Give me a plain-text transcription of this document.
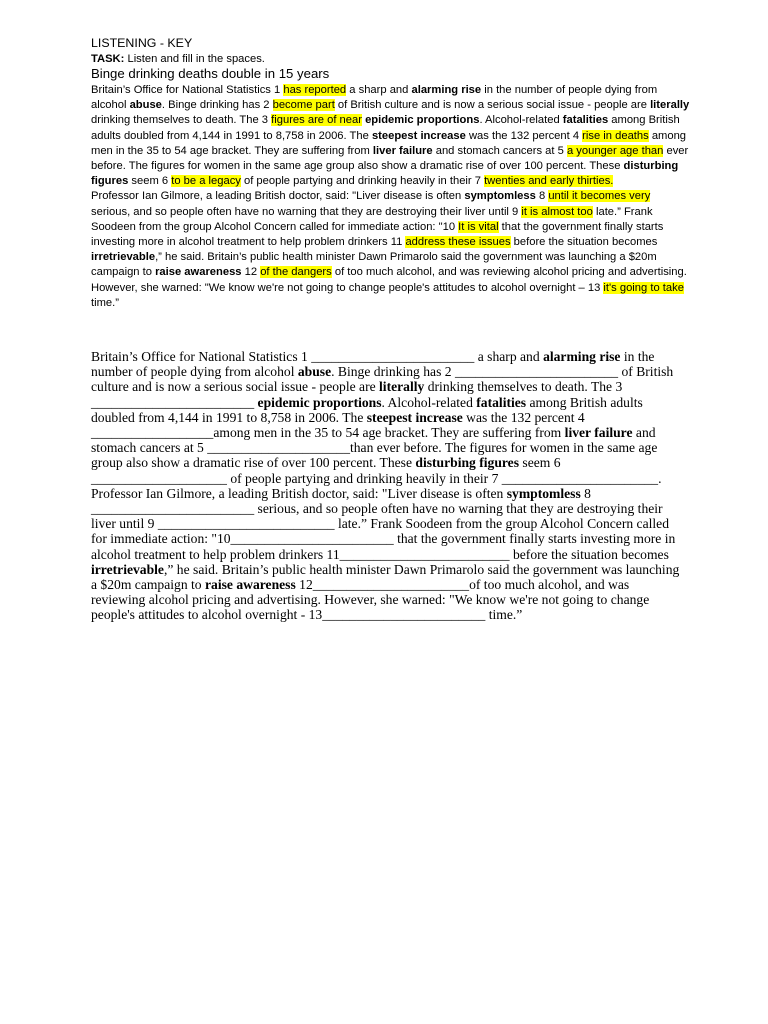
LISTENING - KEY
TASK: Listen and fill in the spaces.
Binge drinking deaths double in 15 years

Britain’s Office for National Statistics 1 has reported a sharp and alarming rise in the number of people dying from alcohol abuse. Binge drinking has 2 become part of British culture and is now a serious social issue - people are literally drinking themselves to death. The 3 figures are of near epidemic proportions. Alcohol-related fatalities among British adults doubled from 4,144 in 1991 to 8,758 in 2006. The steepest increase was the 132 percent 4 rise in deaths among men in the 35 to 54 age bracket. They are suffering from liver failure and stomach cancers at 5 a younger age than ever before. The figures for women in the same age group also show a dramatic rise of over 100 percent. These disturbing figures seem 6 to be a legacy of people partying and drinking heavily in their 7 twenties and early thirties.

Professor Ian Gilmore, a leading British doctor, said: "Liver disease is often symptomless 8 until it becomes very serious, and so people often have no warning that they are destroying their liver until 9 it is almost too late.” Frank Soodeen from the group Alcohol Concern called for immediate action: "10 It is vital that the government finally starts investing more in alcohol treatment to help problem drinkers 11 address these issues before the situation becomes irretrievable,” he said. Britain’s public health minister Dawn Primarolo said the government was launching a $20m campaign to raise awareness 12 of the dangers of too much alcohol, and was reviewing alcohol pricing and advertising. However, she warned: "We know we're not going to change people's attitudes to alcohol overnight – 13 it's going to take time.”

Britain’s Office for National Statistics 1 ________________________ a sharp and alarming rise in the number of people dying from alcohol abuse. Binge drinking has 2 ________________________ of British culture and is now a serious social issue - people are literally drinking themselves to death. The 3 ________________________ epidemic proportions. Alcohol-related fatalities among British adults doubled from 4,144 in 1991 to 8,758 in 2006. The steepest increase was the 132 percent 4 __________________among men in the 35 to 54 age bracket. They are suffering from liver failure and stomach cancers at 5 _____________________than ever before. The figures for women in the same age group also show a dramatic rise of over 100 percent. These disturbing figures seem 6 ____________________ of people partying and drinking heavily in their 7 _______________________.

Professor Ian Gilmore, a leading British doctor, said: "Liver disease is often symptomless 8 ________________________ serious, and so people often have no warning that they are destroying their liver until 9 __________________________ late.” Frank Soodeen from the group Alcohol Concern called for immediate action: "10________________________ that the government finally starts investing more in alcohol treatment to help problem drinkers 11_________________________ before the situation becomes irretrievable,” he said. Britain’s public health minister Dawn Primarolo said the government was launching a $20m campaign to raise awareness 12_______________________of too much alcohol, and was reviewing alcohol pricing and advertising. However, she warned: "We know we're not going to change people's attitudes to alcohol overnight - 13________________________ time.”
